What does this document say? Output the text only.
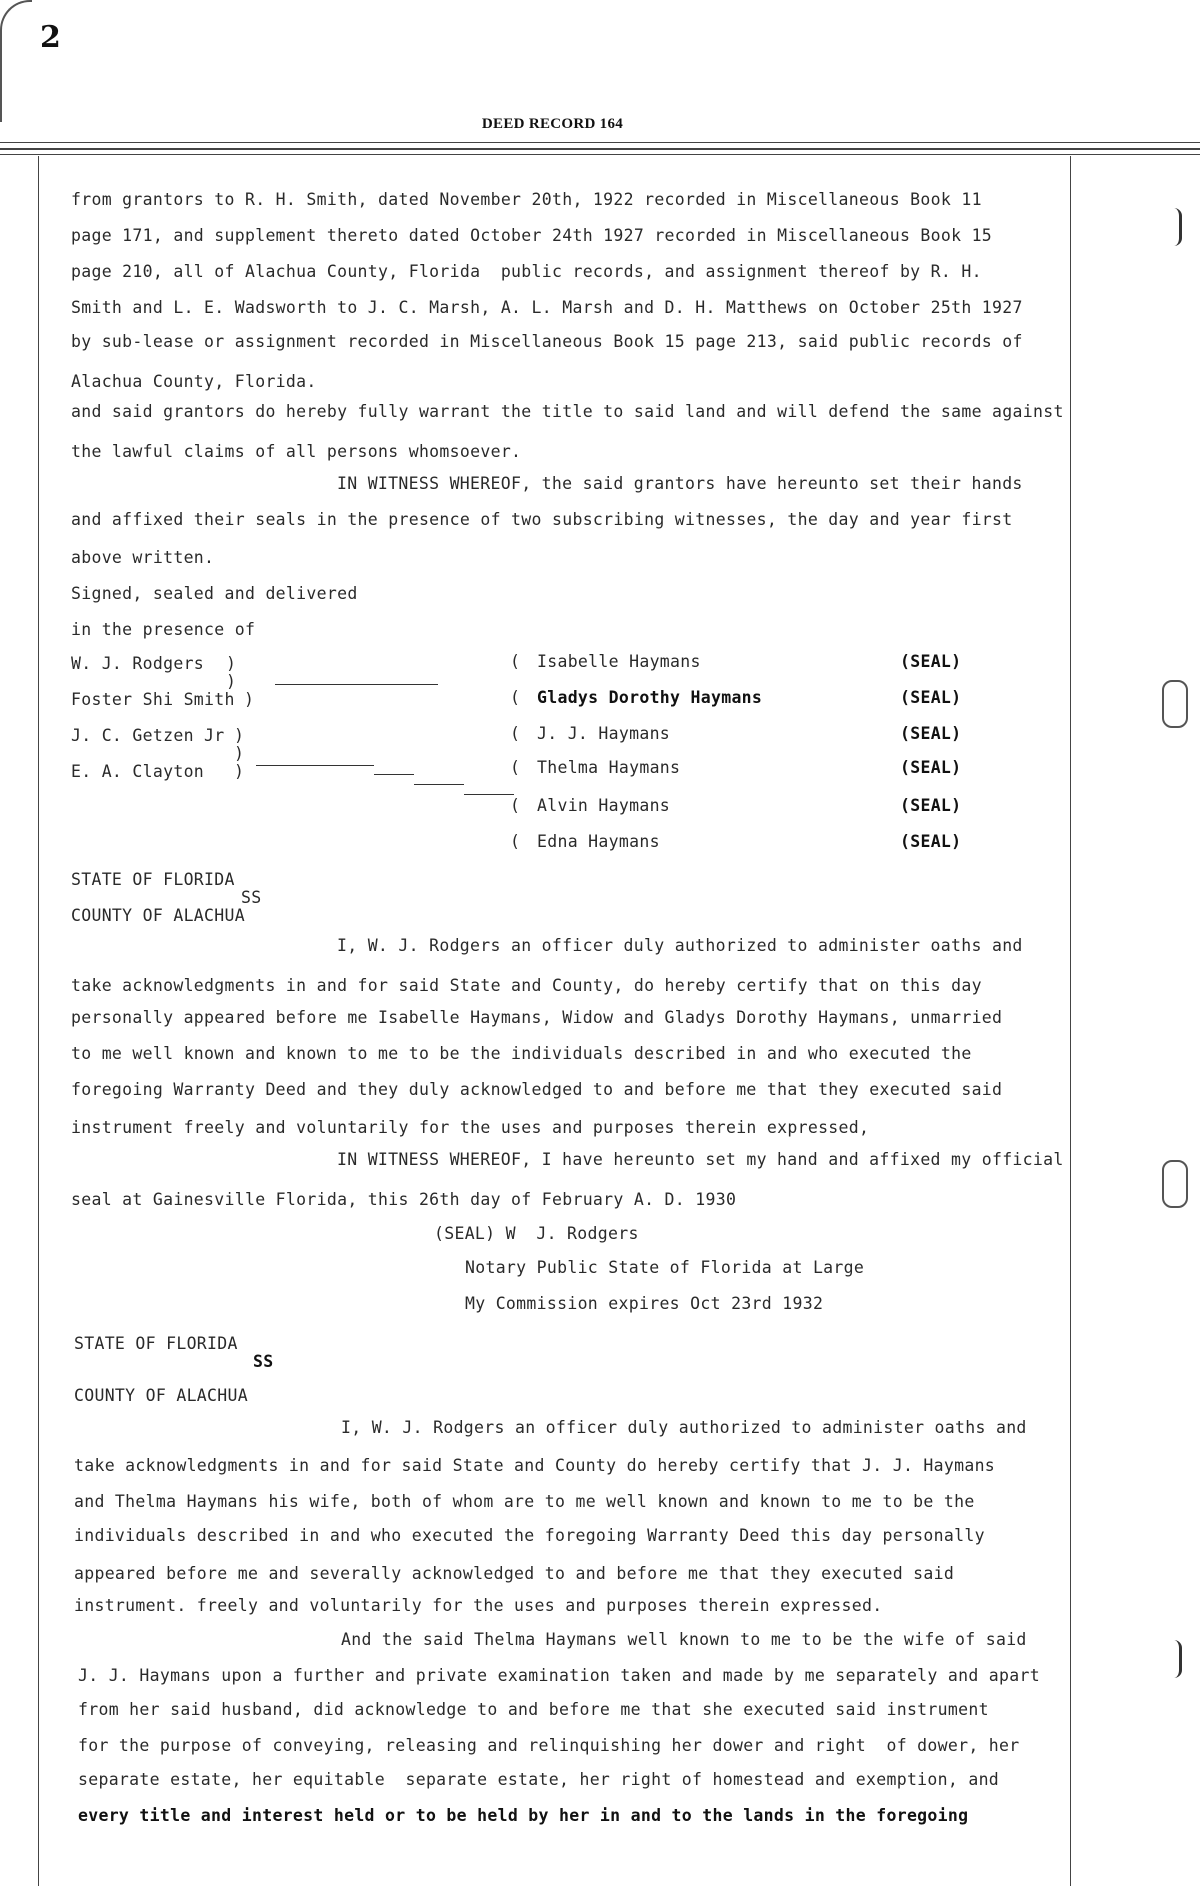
2
DEED RECORD 164
from grantors to R. H. Smith, dated November 20th, 1922 recorded in Miscellaneous Book 11
page 171, and supplement thereto dated October 24th 1927 recorded in Miscellaneous Book 15
page 210, all of Alachua County, Florida  public records, and assignment thereof by R. H.
Smith and L. E. Wadsworth to J. C. Marsh, A. L. Marsh and D. H. Matthews on October 25th 1927
by sub-lease or assignment recorded in Miscellaneous Book 15 page 213, said public records of
Alachua County, Florida.
and said grantors do hereby fully warrant the title to said land and will defend the same against
the lawful claims of all persons whomsoever.
IN WITNESS WHEREOF, the said grantors have hereunto set their hands
and affixed their seals in the presence of two subscribing witnesses, the day and year first
above written.
Signed, sealed and delivered
in the presence of
W. J. Rodgers
Foster Shi Smith
J. C. Getzen Jr
E. A. Clayton
)
)
)
)
)
)
(
(
(
(
(
(
Isabelle Haymans
Gladys Dorothy Haymans
J. J. Haymans
Thelma Haymans
Alvin Haymans
Edna Haymans
(SEAL)
(SEAL)
(SEAL)
(SEAL)
(SEAL)
(SEAL)
STATE OF FLORIDA
SS
COUNTY OF ALACHUA
I, W. J. Rodgers an officer duly authorized to administer oaths and
take acknowledgments in and for said State and County, do hereby certify that on this day
personally appeared before me Isabelle Haymans, Widow and Gladys Dorothy Haymans, unmarried
to me well known and known to me to be the individuals described in and who executed the
foregoing Warranty Deed and they duly acknowledged to and before me that they executed said
instrument freely and voluntarily for the uses and purposes therein expressed,
IN WITNESS WHEREOF, I have hereunto set my hand and affixed my official
seal at Gainesville Florida, this 26th day of February A. D. 1930
(SEAL) W  J. Rodgers
Notary Public State of Florida at Large
My Commission expires Oct 23rd 1932
STATE OF FLORIDA
SS
COUNTY OF ALACHUA
I, W. J. Rodgers an officer duly authorized to administer oaths and
take acknowledgments in and for said State and County do hereby certify that J. J. Haymans
and Thelma Haymans his wife, both of whom are to me well known and known to me to be the
individuals described in and who executed the foregoing Warranty Deed this day personally
appeared before me and severally acknowledged to and before me that they executed said
instrument. freely and voluntarily for the uses and purposes therein expressed.
And the said Thelma Haymans well known to me to be the wife of said
J. J. Haymans upon a further and private examination taken and made by me separately and apart
from her said husband, did acknowledge to and before me that she executed said instrument
for the purpose of conveying, releasing and relinquishing her dower and right  of dower, her
separate estate, her equitable  separate estate, her right of homestead and exemption, and
every title and interest held or to be held by her in and to the lands in the foregoing
